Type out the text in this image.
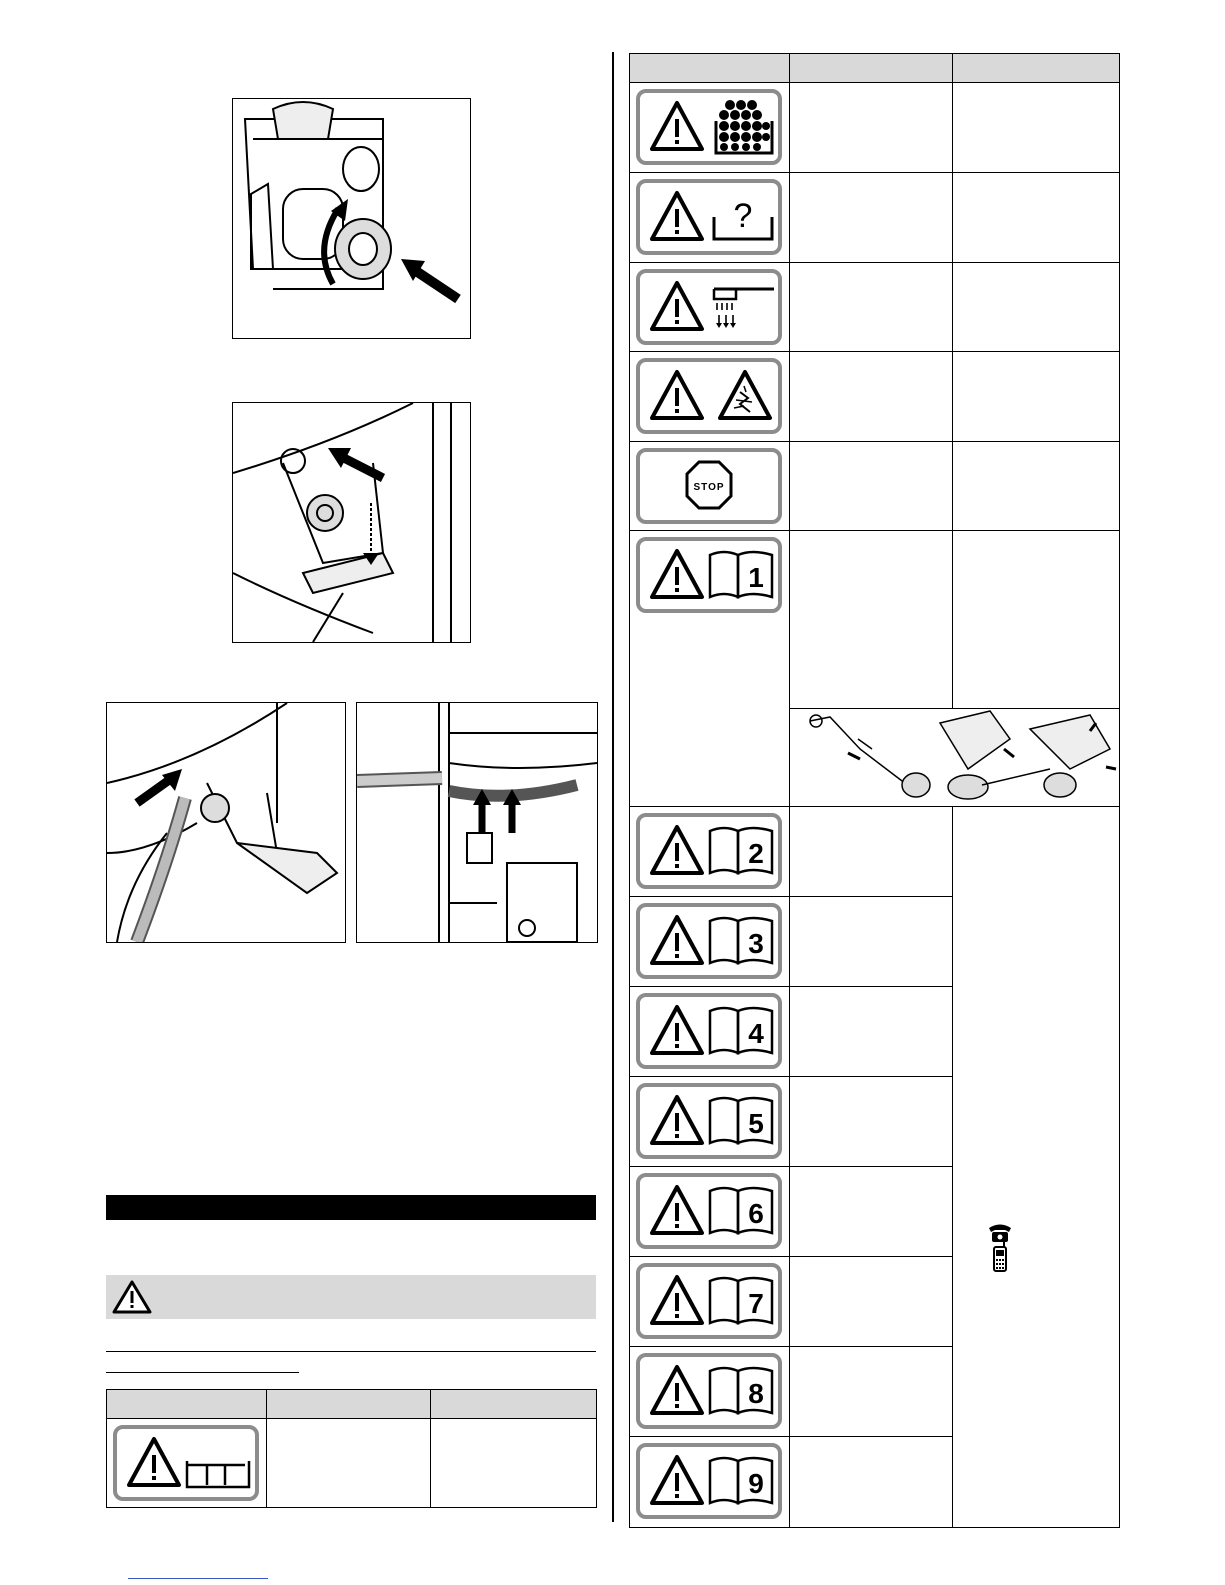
?		

STOP		

1		

2

3		

4		

5		

6		

7		

8		

9		
